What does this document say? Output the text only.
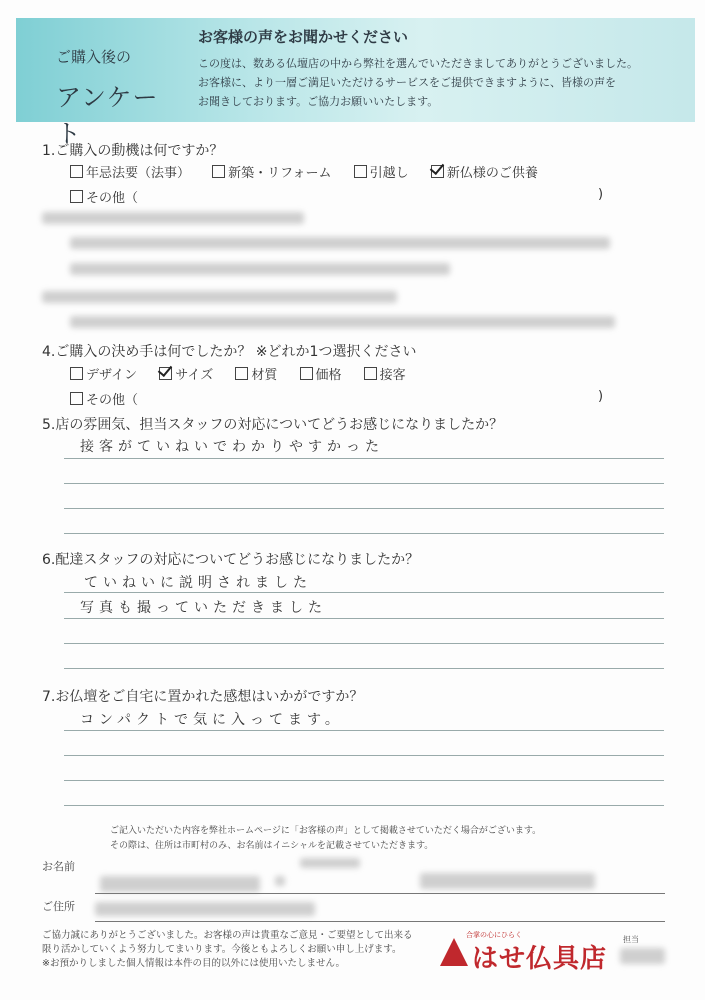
ご購入後の
アンケート
お客様の声をお聞かせください
この度は、数ある仏壇店の中から弊社を選んでいただきましてありがとうございました。
お客様に、より一層ご満足いただけるサービスをご提供できますように、皆様の声を
お聞きしております。ご協力お願いいたします。
1.ご購入の動機は何ですか？
年忌法要（法事）	新築・リフォーム	引越し	新仏様のご供養
その他（	)
4.ご購入の決め手は何でしたか？ ※どれか1つ選択ください
デザイン	サイズ	材質	価格	接客
その他（	)
5.店の雰囲気、担当スタッフの対応についてどうお感じになりましたか？
接客がていねいでわかりやすかった
6.配達スタッフの対応についてどうお感じになりましたか？
ていねいに説明されました
写真も撮っていただきました
7.お仏壇をご自宅に置かれた感想はいかがですか？
コンパクトで気に入ってます。
ご記入いただいた内容を弊社ホームページに「お客様の声」として掲載させていただく場合がございます。
その際は、住所は市町村のみ、お名前はイニシャルを記載させていただきます。
お名前
ご住所
ご協力誠にありがとうございました。お客様の声は貴重なご意見・ご要望として出来る
限り活かしていくよう努力してまいります。今後ともよろしくお願い申し上げます。
※お預かりしました個人情報は本件の目的以外には使用いたしません。
合掌の心にひらく
はせ仏具店
担当
